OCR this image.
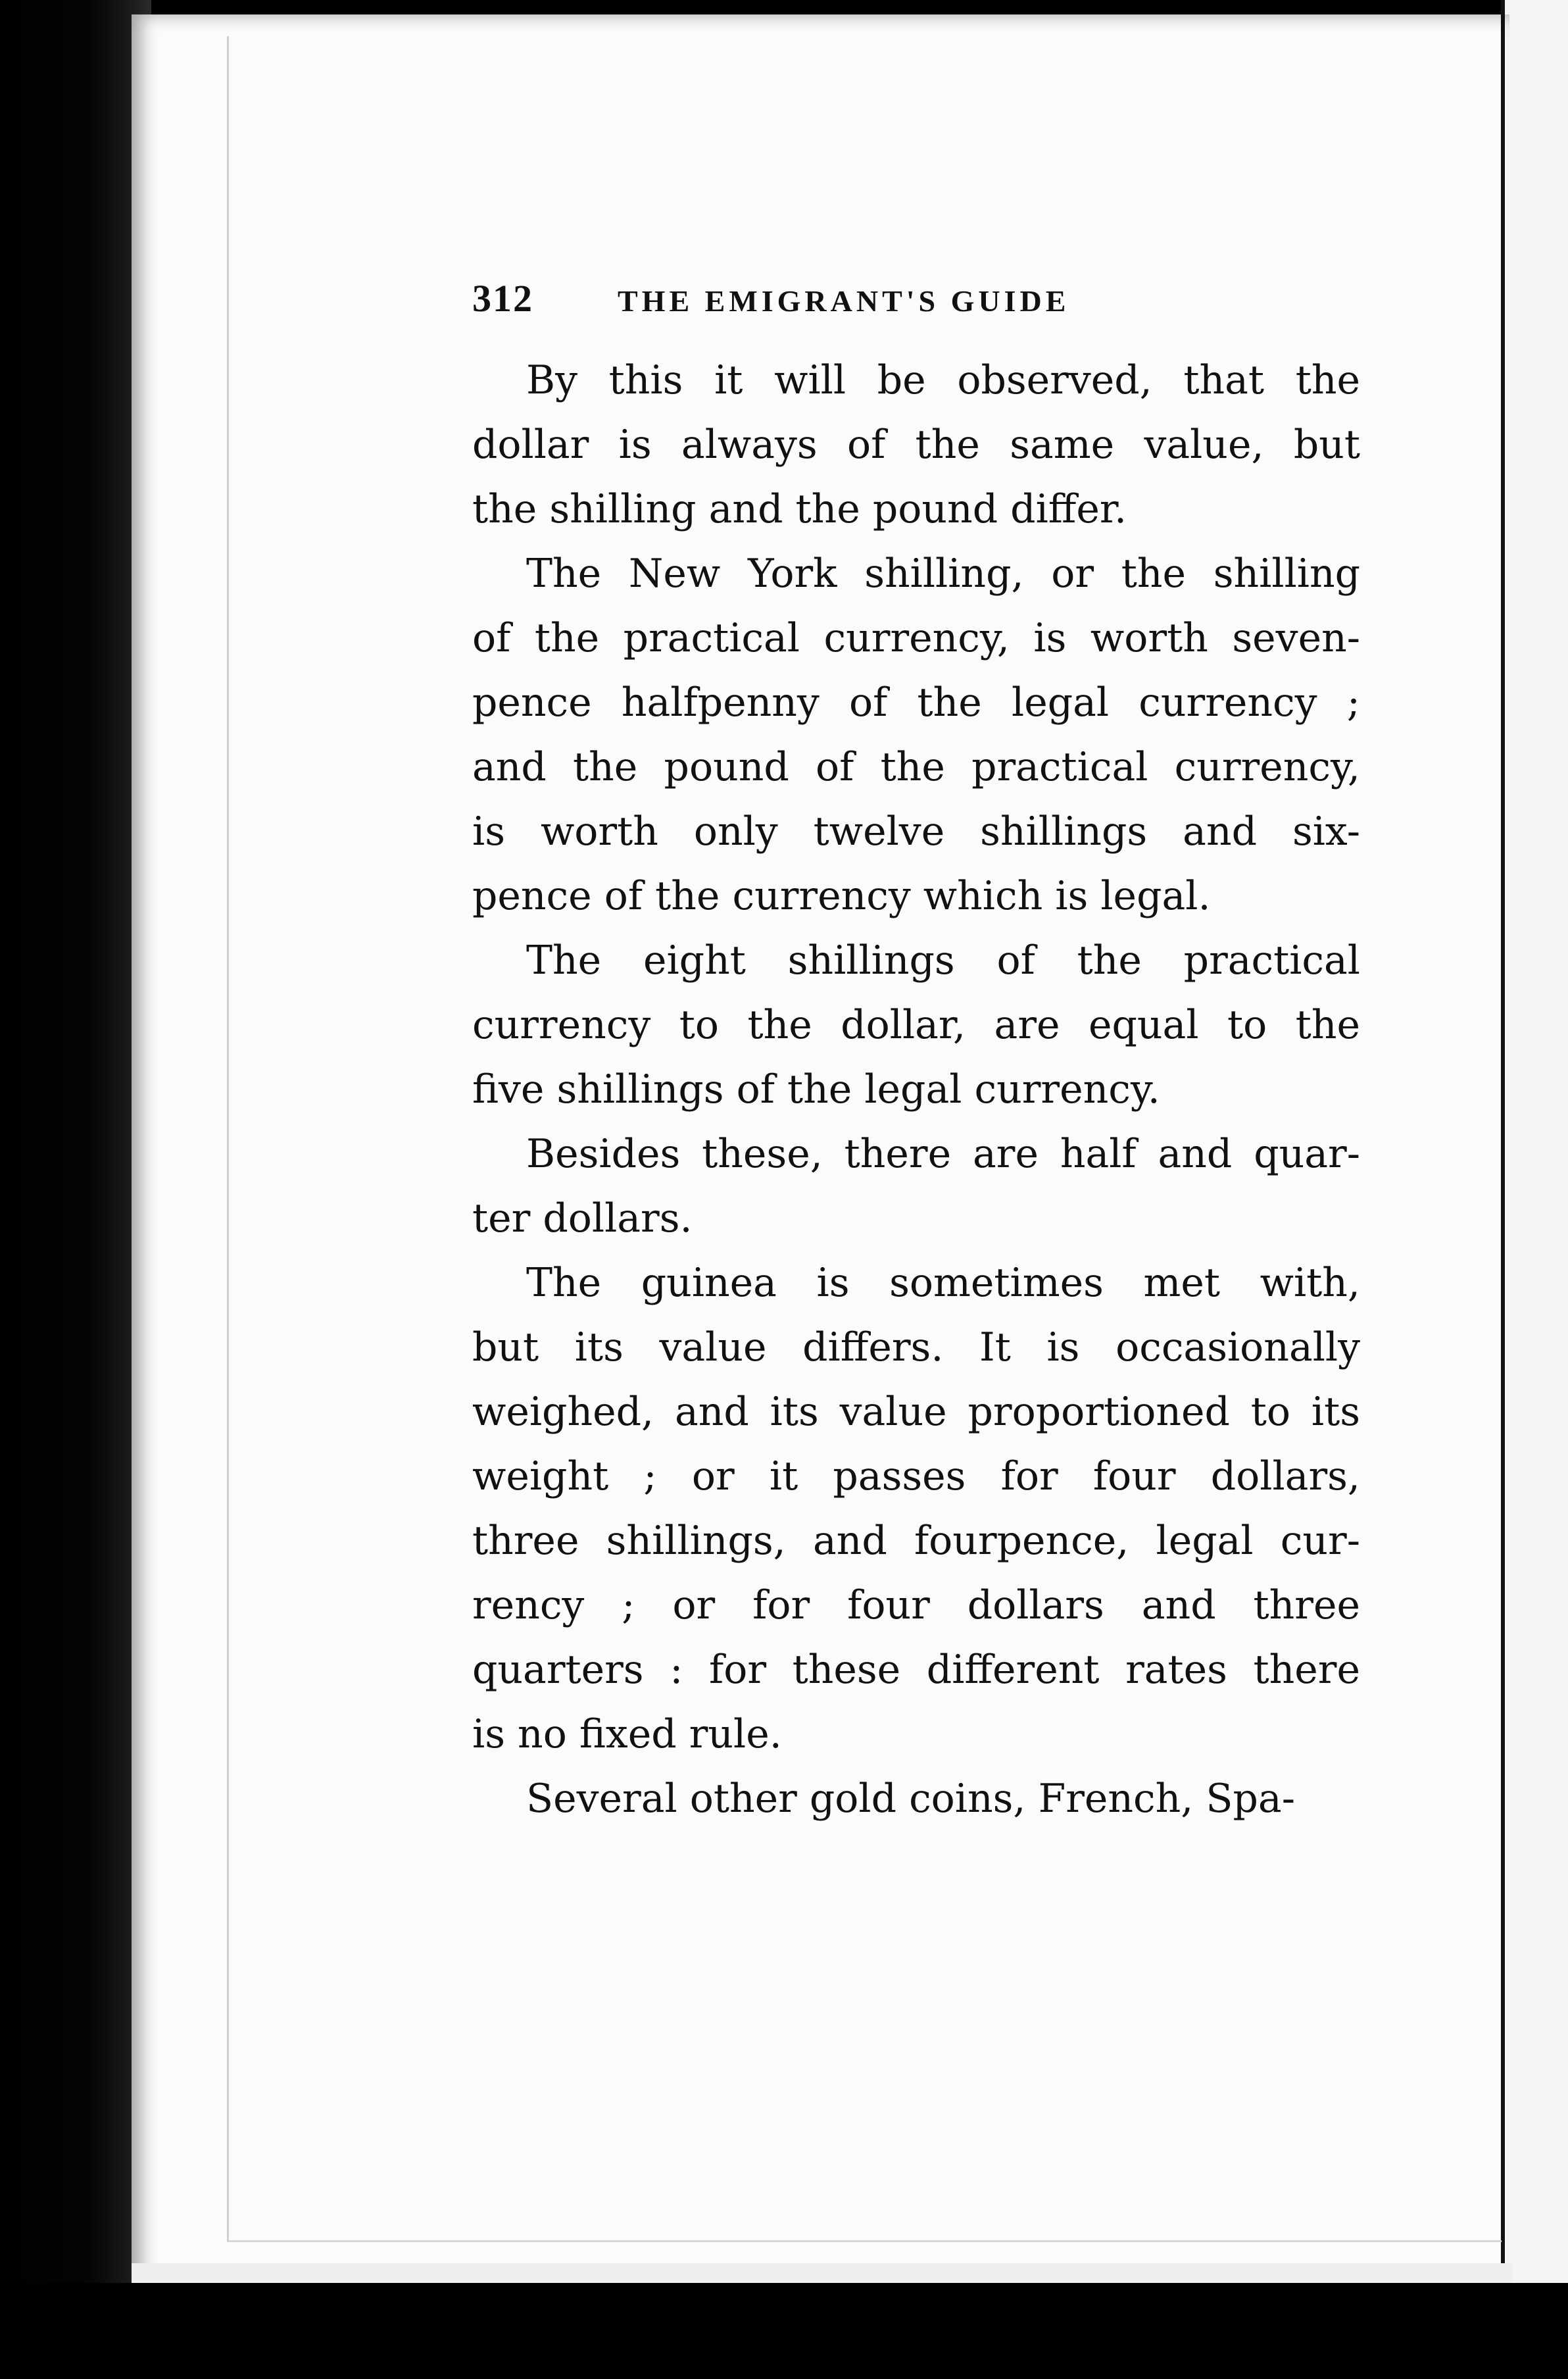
312	THE EMIGRANT'S GUIDE
By this it will be observed, that the
dollar is always of the same value, but
the shilling and the pound differ.
The New York shilling, or the shilling
of the practical currency, is worth seven-
pence halfpenny of the legal currency ;
and the pound of the practical currency,
is worth only twelve shillings and six-
pence of the currency which is legal.
The eight shillings of the practical
currency to the dollar, are equal to the
five shillings of the legal currency.
Besides these, there are half and quar-
ter dollars.
The guinea is sometimes met with,
but its value differs. It is occasionally
weighed, and its value proportioned to its
weight ; or it passes for four dollars,
three shillings, and fourpence, legal cur-
rency ; or for four dollars and three
quarters : for these different rates there
is no fixed rule.
Several other gold coins, French, Spa-
